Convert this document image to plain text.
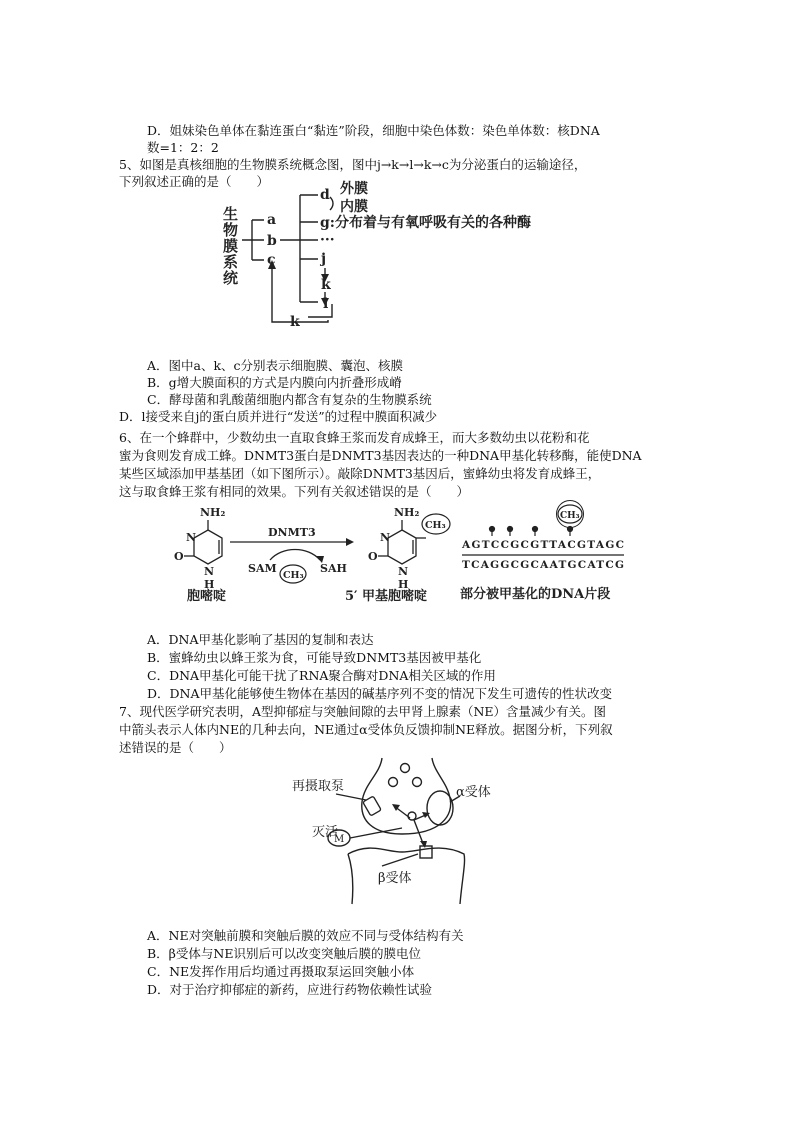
D．姐妹染色单体在黏连蛋白“黏连”阶段，细胞中染色体数：染色单体数：核DNA
数=1：2：2
5、如图是真核细胞的生物膜系统概念图，图中j→k→l→k→c为分泌蛋白的运输途径，
下列叙述正确的是（　　）
生
物
膜
系
统
a
b
c
d 外膜
内膜
g:分布着与有氧呼吸有关的各种酶
···
j
k
l
k
A．图中a、k、c分别表示细胞膜、囊泡、核膜
B．g增大膜面积的方式是内膜向内折叠形成嵴
C．酵母菌和乳酸菌细胞内都含有复杂的生物膜系统
D．l接受来自j的蛋白质并进行“发送”的过程中膜面积减少
6、在一个蜂群中，少数幼虫一直取食蜂王浆而发育成蜂王，而大多数幼虫以花粉和花
蜜为食则发育成工蜂。DNMT3蛋白是DNMT3基因表达的一种DNA甲基化转移酶，能使DNA
某些区域添加甲基基团（如下图所示）。敲除DNMT3基因后，蜜蜂幼虫将发育成蜂王，
这与取食蜂王浆有相同的效果。下列有关叙述错误的是（　　）
NH₂
N
O
N
H
DNMT3
SAM	SAH
CH₃
NH₂
CH₃
N
O
N
H
CH₃
AGTCCGCGTTACGTAGC
TCAGGCGCAATGCATCG
胞嘧啶	5′ 甲基胞嘧啶	部分被甲基化的DNA片段
A．DNA甲基化影响了基因的复制和表达
B．蜜蜂幼虫以蜂王浆为食，可能导致DNMT3基因被甲基化
C．DNA甲基化可能干扰了RNA聚合酶对DNA相关区域的作用
D．DNA甲基化能够使生物体在基因的碱基序列不变的情况下发生可遗传的性状改变
7、现代医学研究表明，A型抑郁症与突触间隙的去甲肾上腺素（NE）含量减少有关。图
中箭头表示人体内NE的几种去向，NE通过α受体负反馈抑制NE释放。据图分析，下列叙
述错误的是（　　）
再摄取泵	α受体
灭活
β受体
M
A．NE对突触前膜和突触后膜的效应不同与受体结构有关
B．β受体与NE识别后可以改变突触后膜的膜电位
C．NE发挥作用后均通过再摄取泵运回突触小体
D．对于治疗抑郁症的新药，应进行药物依赖性试验
